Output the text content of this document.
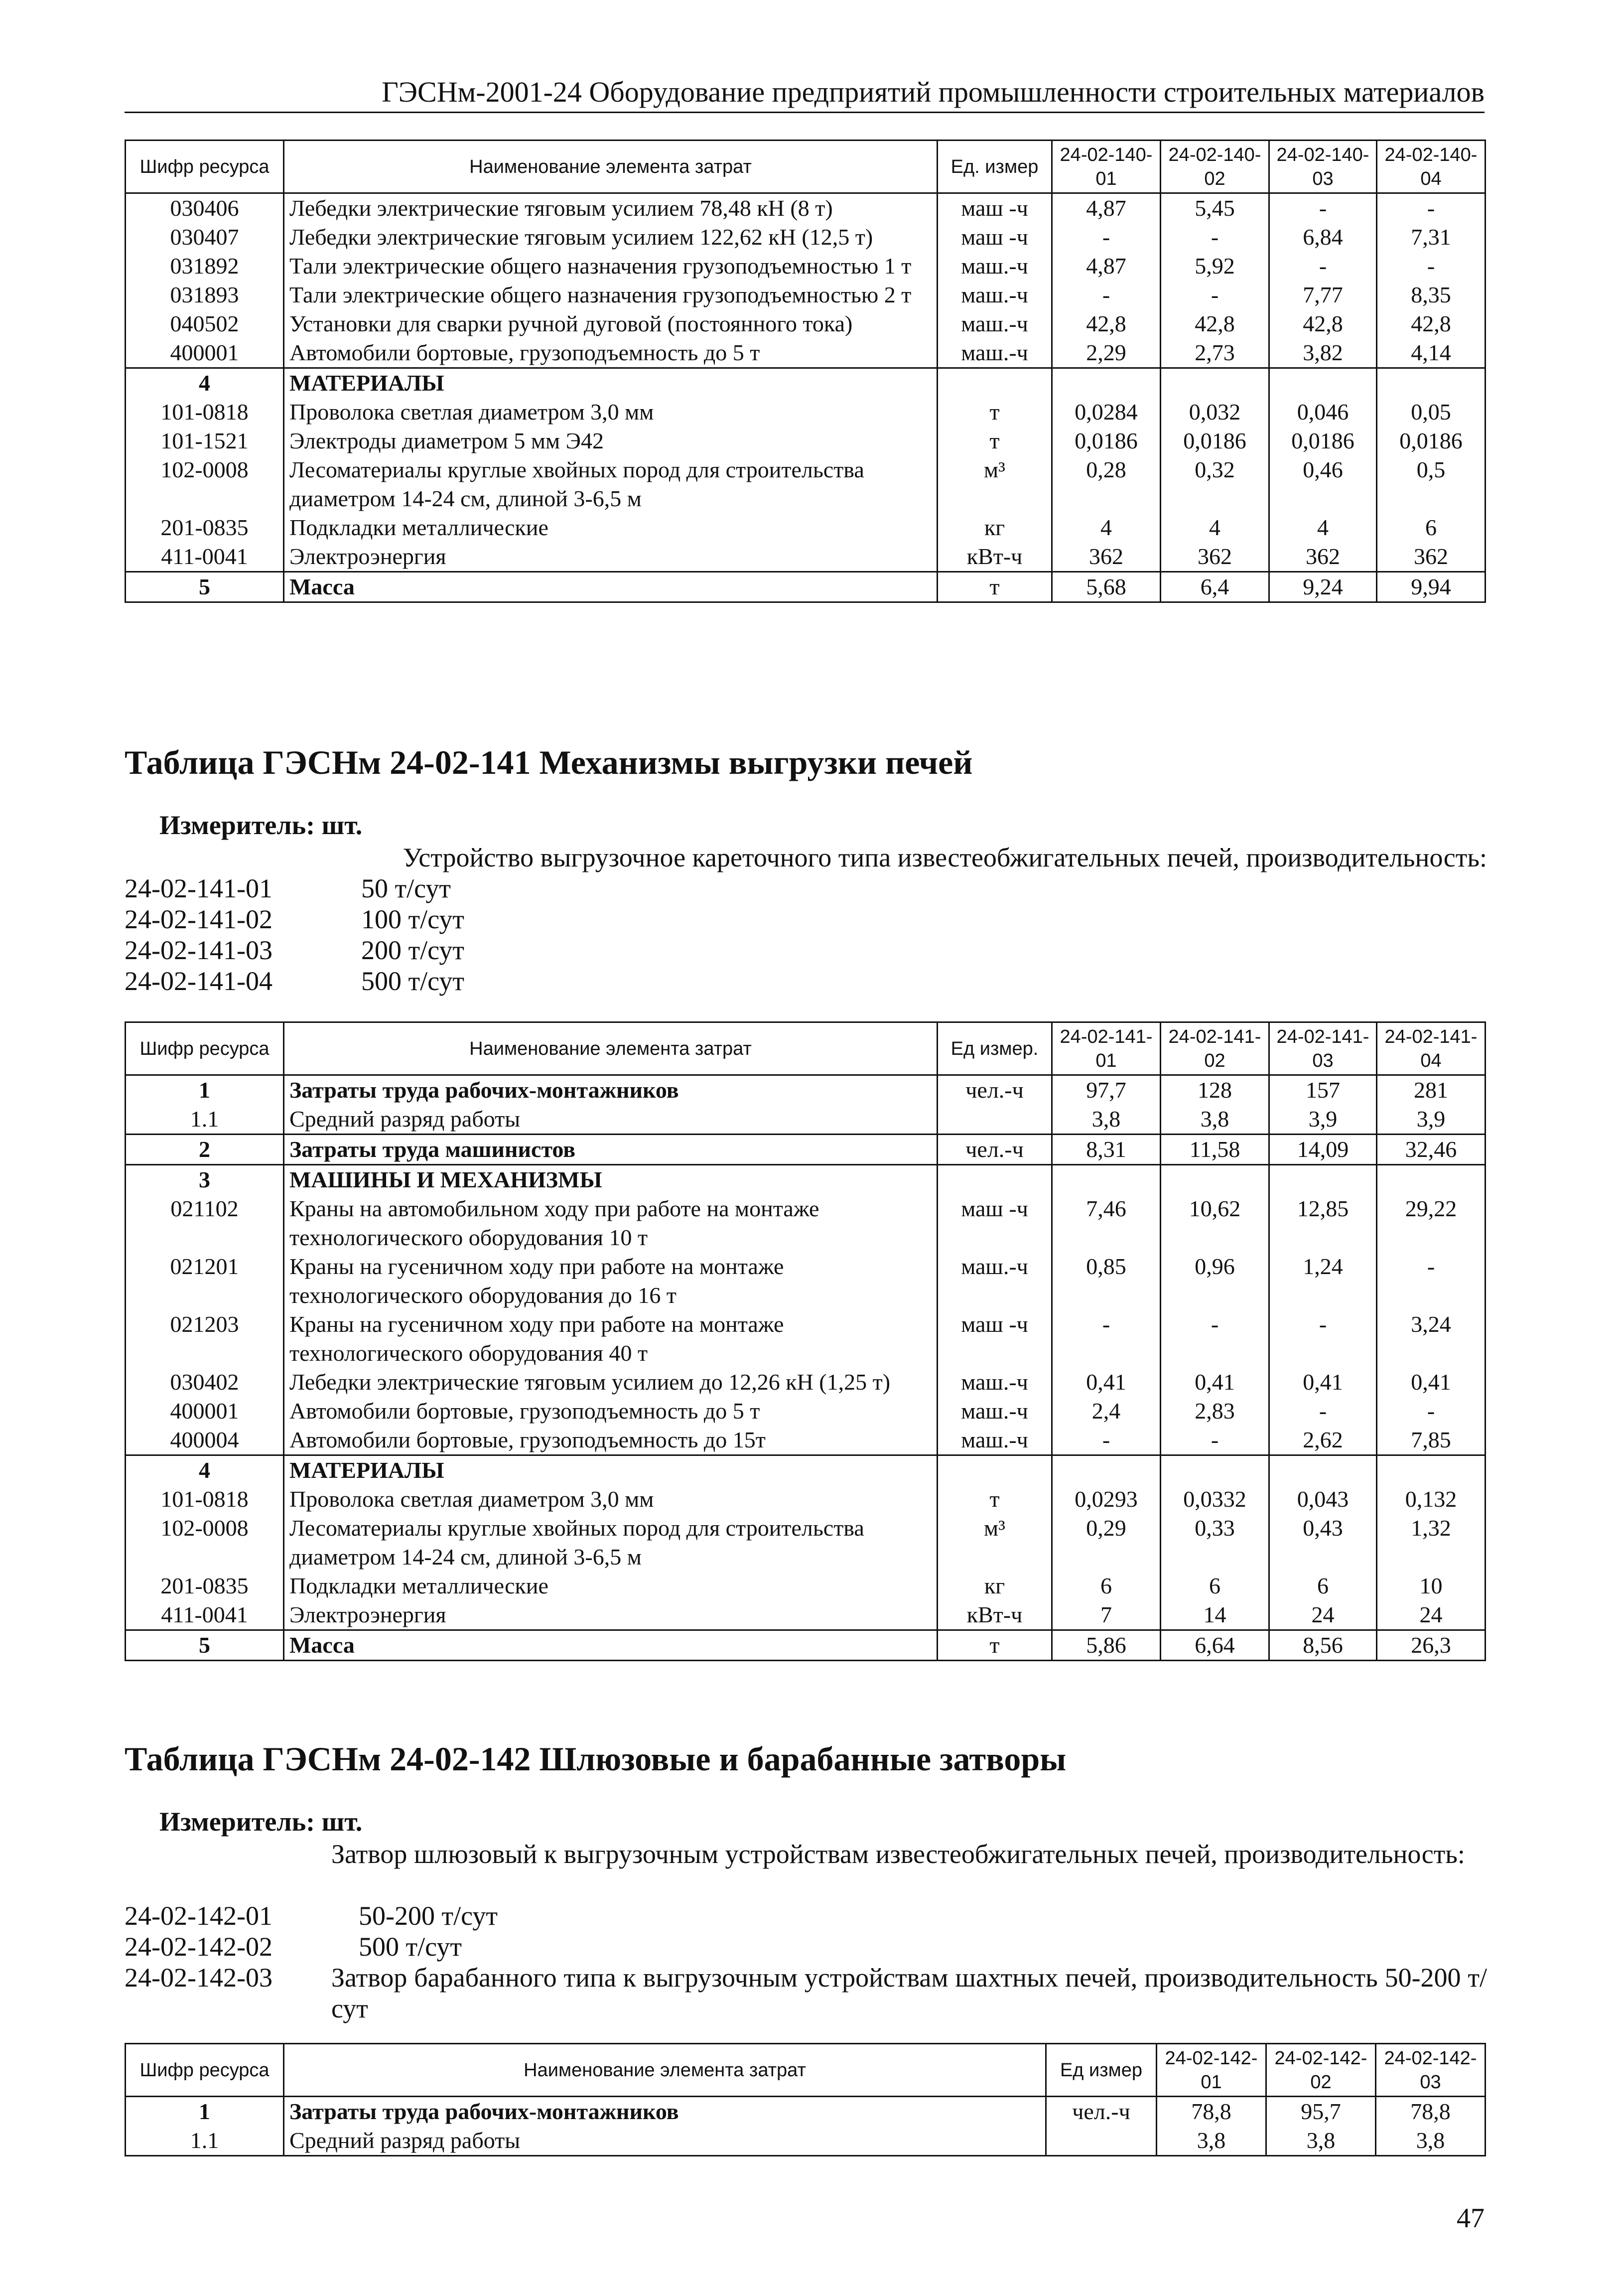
ГЭСНм-2001-24 Оборудование предприятий промышленности строительных материалов
Шифр ресурса	Наименование элемента затрат	Ед. измер	24-02-140-01	24-02-140-02	24-02-140-03	24-02-140-04
030406	Лебедки электрические тяговым усилием 78,48 кН (8 т)	маш -ч	4,87	5,45	-	-
030407	Лебедки электрические тяговым усилием 122,62 кН (12,5 т)	маш -ч	-	-	6,84	7,31
031892	Тали электрические общего назначения грузоподъемностью 1 т	маш.-ч	4,87	5,92	-	-
031893	Тали электрические общего назначения грузоподъемностью 2 т	маш.-ч	-	-	7,77	8,35
040502	Установки для сварки ручной дуговой (постоянного тока)	маш.-ч	42,8	42,8	42,8	42,8
400001	Автомобили бортовые, грузоподъемность до 5 т	маш.-ч	2,29	2,73	3,82	4,14
4	МАТЕРИАЛЫ					
101-0818	Проволока светлая диаметром 3,0 мм	т	0,0284	0,032	0,046	0,05
101-1521	Электроды диаметром 5 мм Э42	т	0,0186	0,0186	0,0186	0,0186
102-0008	Лесоматериалы круглые хвойных пород для строительства диаметром 14-24 см, длиной 3-6,5 м	м³	0,28	0,32	0,46	0,5
201-0835	Подкладки металлические	кг	4	4	4	6
411-0041	Электроэнергия	кВт-ч	362	362	362	362
5	Масса	т	5,68	6,4	9,24	9,94
Таблица ГЭСНм 24-02-141 Механизмы выгрузки печей
Измеритель: шт.
Устройство выгрузочное кареточного типа известеобжигательных печей, производительность:
24-02-141-01	50 т/сут
24-02-141-02	100 т/сут
24-02-141-03	200 т/сут
24-02-141-04	500 т/сут
Шифр ресурса	Наименование элемента затрат	Ед измер.	24-02-141-01	24-02-141-02	24-02-141-03	24-02-141-04
1	Затраты труда рабочих-монтажников	чел.-ч	97,7	128	157	281
1.1	Средний разряд работы		3,8	3,8	3,9	3,9
2	Затраты труда машинистов	чел.-ч	8,31	11,58	14,09	32,46
3	МАШИНЫ И МЕХАНИЗМЫ					
021102	Краны на автомобильном ходу при работе на монтаже технологического оборудования 10 т	маш -ч	7,46	10,62	12,85	29,22
021201	Краны на гусеничном ходу при работе на монтаже технологического оборудования до 16 т	маш.-ч	0,85	0,96	1,24	-
021203	Краны на гусеничном ходу при работе на монтаже технологического оборудования 40 т	маш -ч	-	-	-	3,24
030402	Лебедки электрические тяговым усилием до 12,26 кН (1,25 т)	маш.-ч	0,41	0,41	0,41	0,41
400001	Автомобили бортовые, грузоподъемность до 5 т	маш.-ч	2,4	2,83	-	-
400004	Автомобили бортовые, грузоподъемность до 15т	маш.-ч	-	-	2,62	7,85
4	МАТЕРИАЛЫ					
101-0818	Проволока светлая диаметром 3,0 мм	т	0,0293	0,0332	0,043	0,132
102-0008	Лесоматериалы круглые хвойных пород для строительства диаметром 14-24 см, длиной 3-6,5 м	м³	0,29	0,33	0,43	1,32
201-0835	Подкладки металлические	кг	6	6	6	10
411-0041	Электроэнергия	кВт-ч	7	14	24	24
5	Масса	т	5,86	6,64	8,56	26,3
Таблица ГЭСНм 24-02-142 Шлюзовые и барабанные затворы
Измеритель: шт.
Затвор шлюзовый к выгрузочным устройствам известеобжигательных печей, производительность:
24-02-142-01	50-200 т/сут
24-02-142-02	500 т/сут
24-02-142-03	Затвор барабанного типа к выгрузочным устройствам шахтных печей, производительность 50-200 т/сут
Шифр ресурса	Наименование элемента затрат	Ед измер	24-02-142-01	24-02-142-02	24-02-142-03
1	Затраты труда рабочих-монтажников	чел.-ч	78,8	95,7	78,8
1.1	Средний разряд работы		3,8	3,8	3,8
47
